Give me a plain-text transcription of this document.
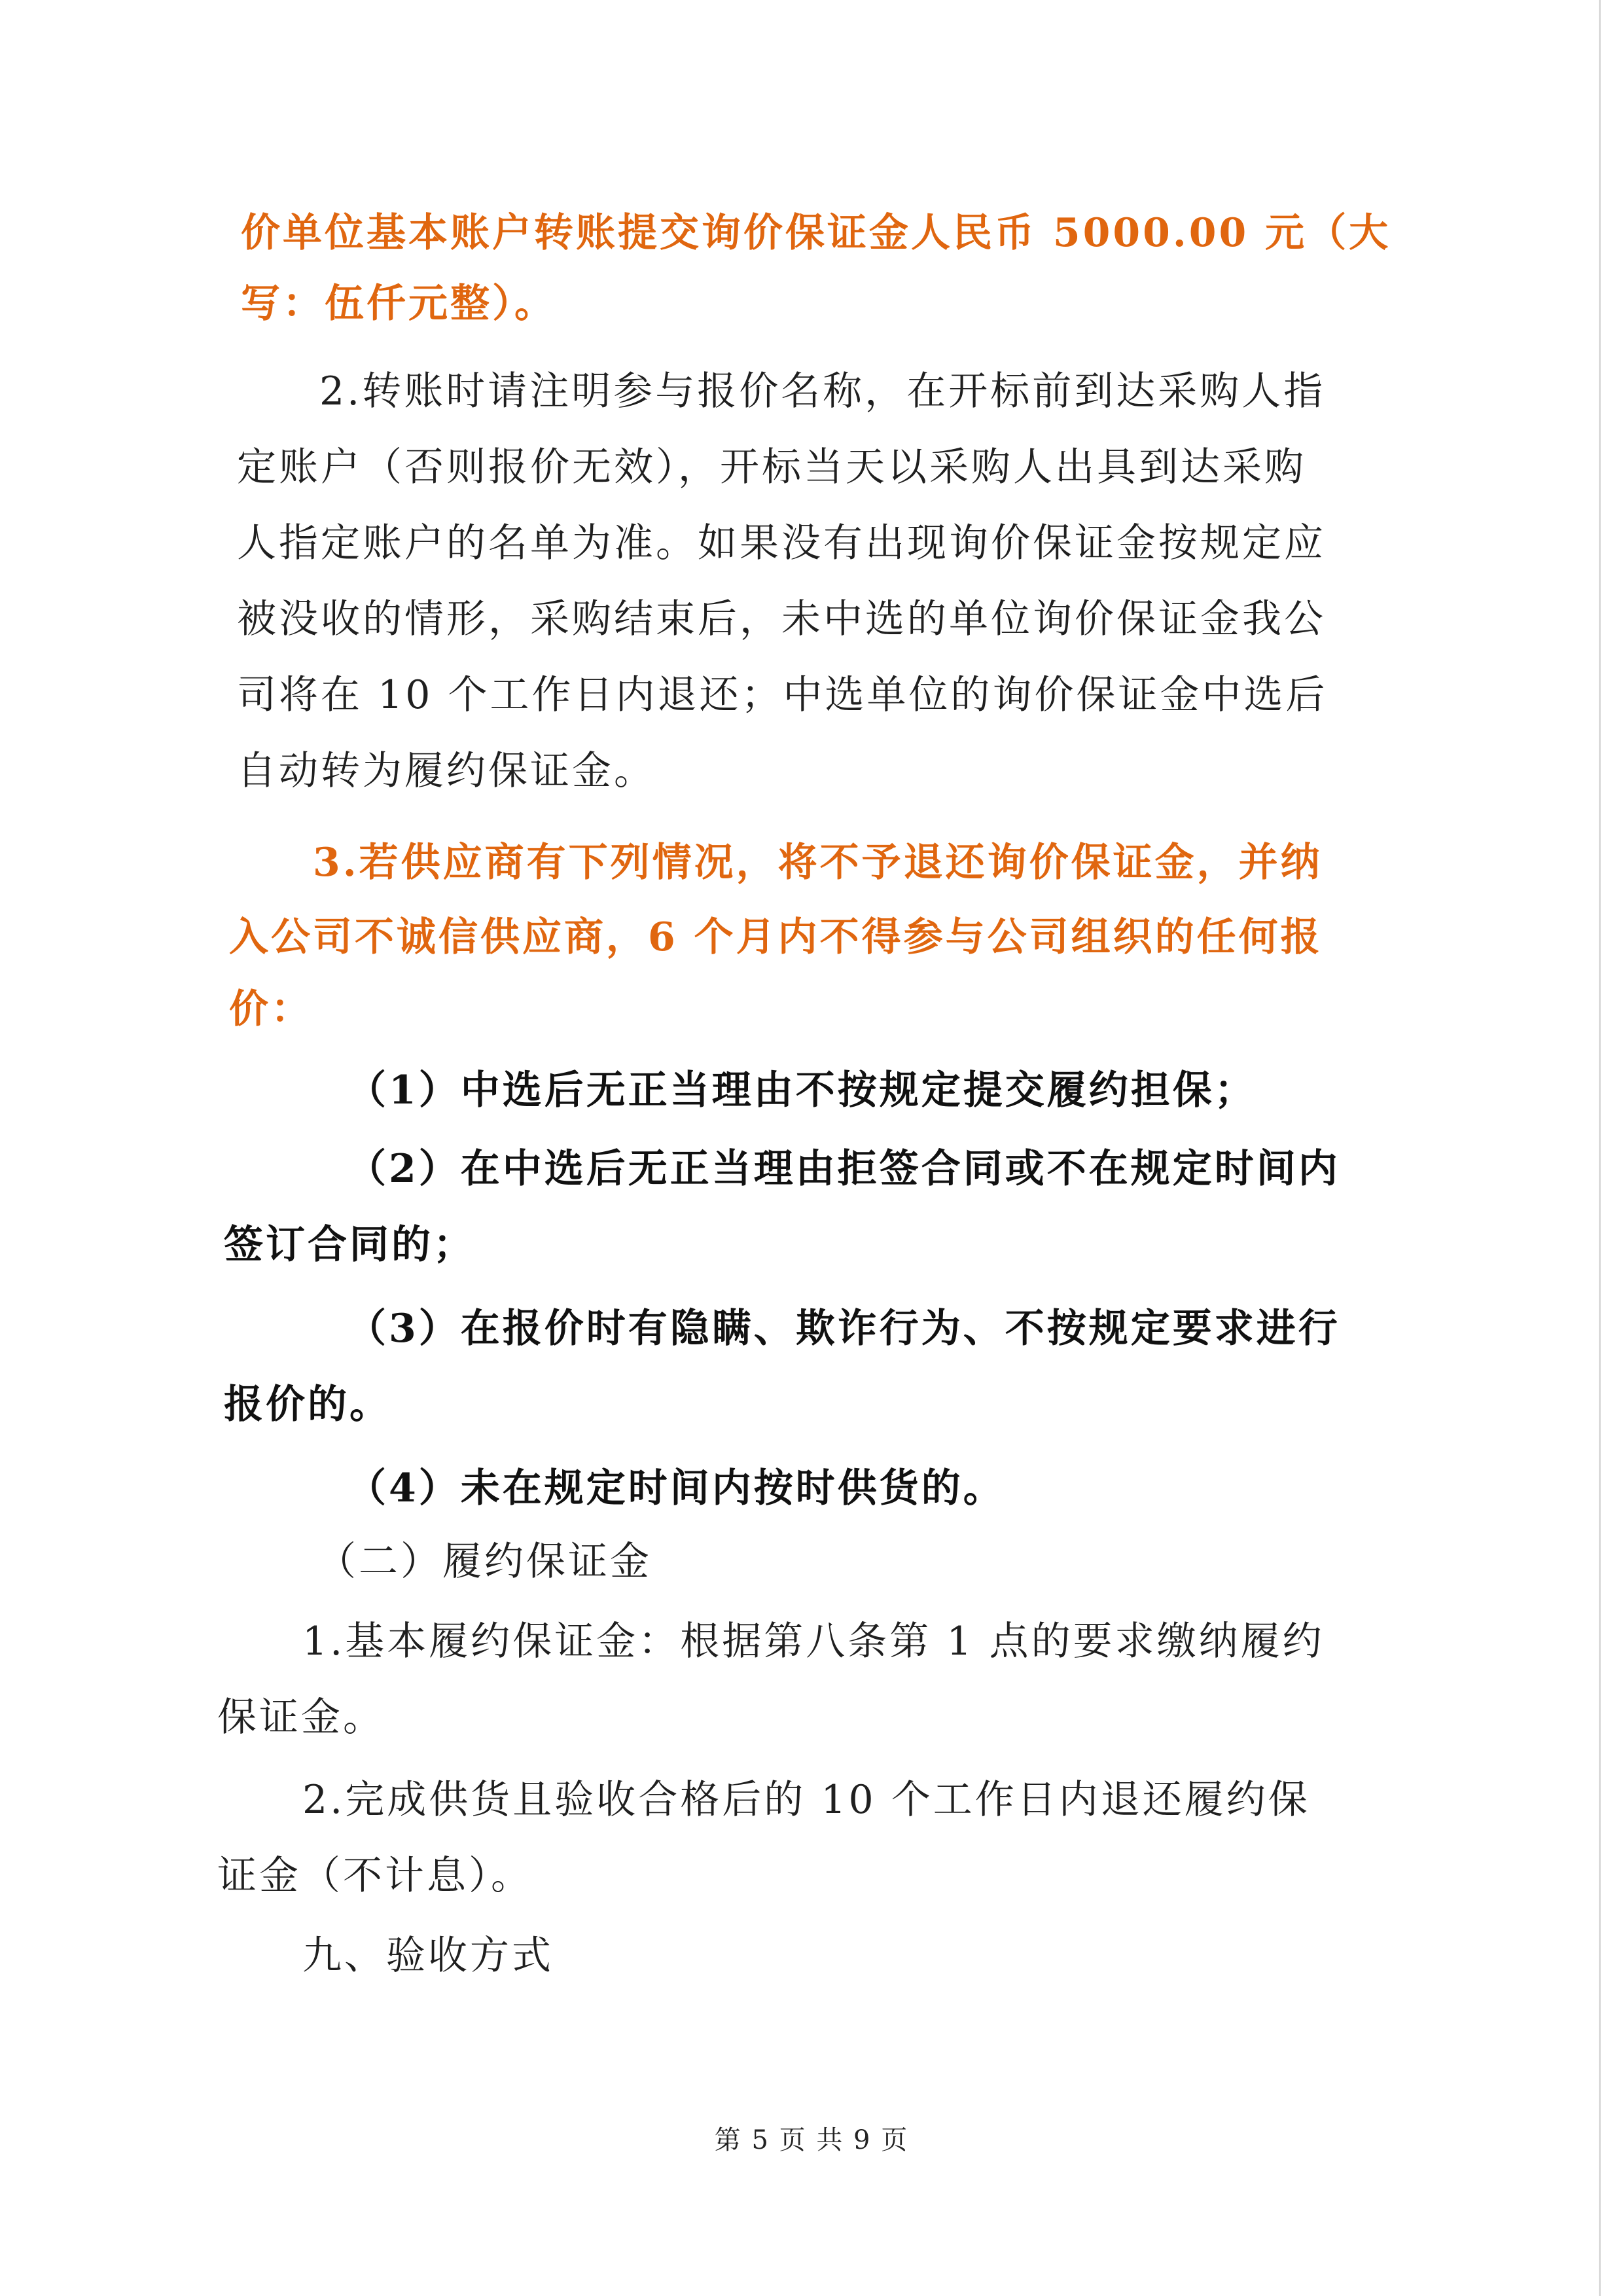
价单位基本账户转账提交询价保证金人民币 5000.00 元（大
写：伍仟元整）。
2.转账时请注明参与报价名称，在开标前到达采购人指
定账户（否则报价无效），开标当天以采购人出具到达采购
人指定账户的名单为准。如果没有出现询价保证金按规定应
被没收的情形，采购结束后，未中选的单位询价保证金我公
司将在 10 个工作日内退还；中选单位的询价保证金中选后
自动转为履约保证金。
3.若供应商有下列情况，将不予退还询价保证金，并纳
入公司不诚信供应商，6 个月内不得参与公司组织的任何报
价：
（1）中选后无正当理由不按规定提交履约担保；
（2）在中选后无正当理由拒签合同或不在规定时间内
签订合同的；
（3）在报价时有隐瞒、欺诈行为、不按规定要求进行
报价的。
（4）未在规定时间内按时供货的。
（二）履约保证金
1.基本履约保证金：根据第八条第 1 点的要求缴纳履约
保证金。
2.完成供货且验收合格后的 10 个工作日内退还履约保
证金（不计息）。
九、验收方式
第 5 页 共 9 页
